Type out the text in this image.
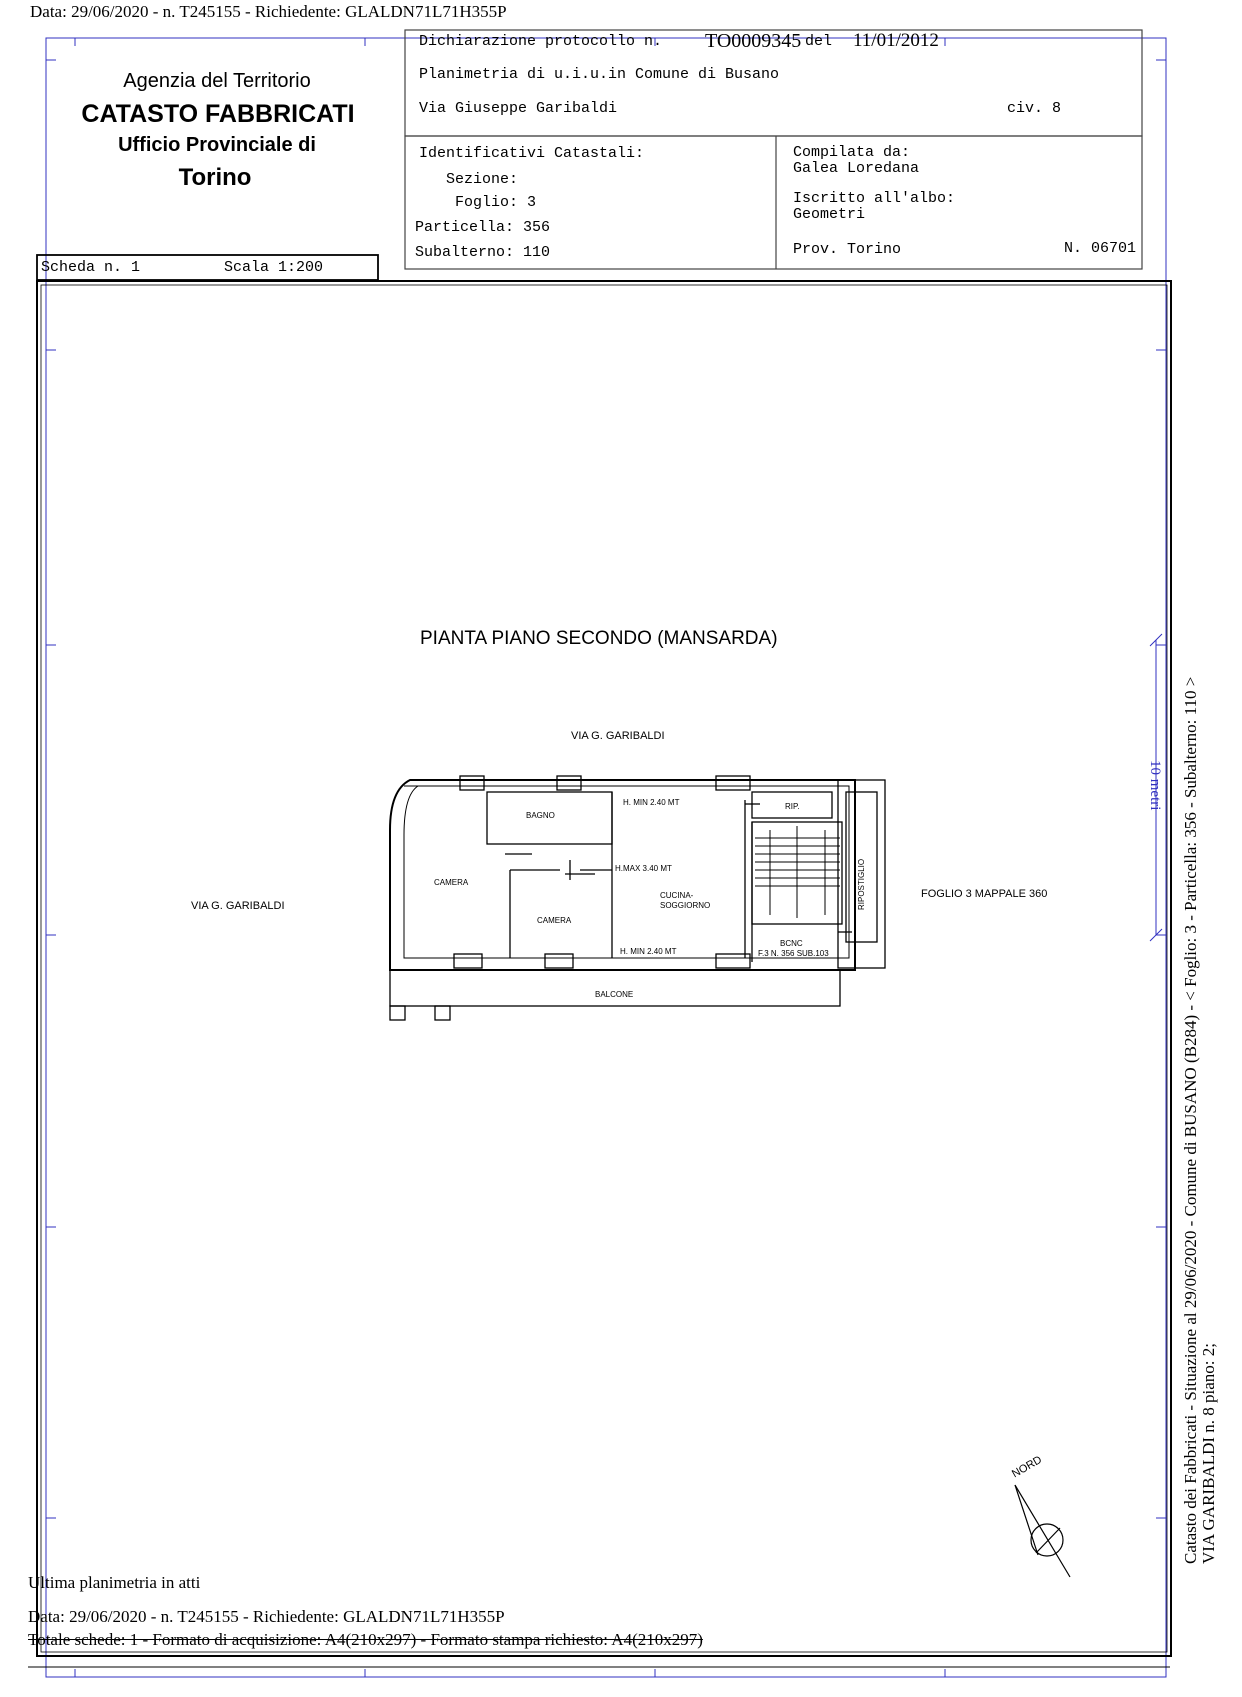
Data: 29/06/2020 - n. T245155 - Richiedente: GLALDN71L71H355P
Agenzia del Territorio
CATASTO FABBRICATI
Ufficio Provinciale di
Torino
Dichiarazione protocollo n. TO0009345 del 11/01/2012
Planimetria di u.i.u.in Comune di Busano
Via Giuseppe Garibaldi	civ. 8
Identificativi Catastali:
Sezione:
Foglio: 3
Particella: 356
Subalterno: 110
Compilata da:
Galea Loredana
Iscritto all'albo:
Geometri
Prov. Torino	N. 06701
Scheda n. 1	Scala 1:200
PIANTA PIANO SECONDO (MANSARDA)
VIA G. GARIBALDI
VIA G. GARIBALDI
FOGLIO 3 MAPPALE 360
BAGNO
CAMERA
CAMERA
CUCINA-
SOGGIORNO
RIP.
BALCONE
BCNC
F.3 N. 356 SUB.103
RIPOSTIGLIO
H. MIN 2.40 MT
H.MAX 3.40 MT
H. MIN 2.40 MT
NORD
10 metri Catasto dei Fabbricati - Situazione al 29/06/2020 - Comune di BUSANO (B284) - < Foglio: 3 - Particella: 356 - Subalterno: 110 > VIA GARIBALDI n. 8 piano: 2;
Ultima planimetria in atti
Data: 29/06/2020 - n. T245155 - Richiedente: GLALDN71L71H355P
Totale schede: 1 - Formato di acquisizione: A4(210x297) - Formato stampa richiesto: A4(210x297)
